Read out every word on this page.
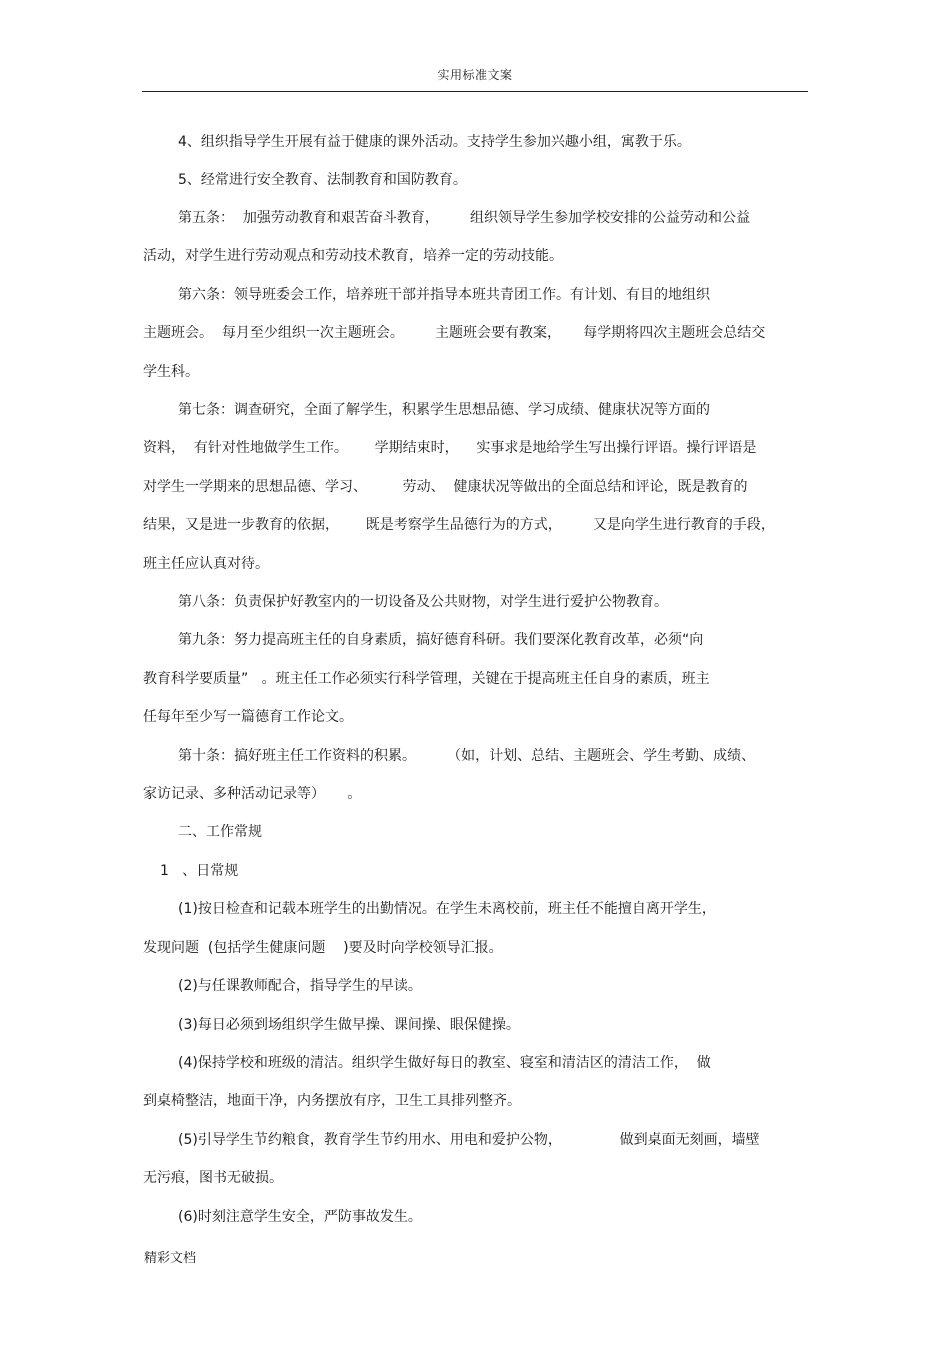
实用标准文案
4、组织指导学生开展有益于健康的课外活动。支持学生参加兴趣小组，寓教于乐。
5、经常进行安全教育、法制教育和国防教育。
第五条：  加强劳动教育和艰苦奋斗教育，       组织领导学生参加学校安排的公益劳动和公益
活动，对学生进行劳动观点和劳动技术教育，培养一定的劳动技能。
第六条：领导班委会工作，培养班干部并指导本班共青团工作。有计划、有目的地组织
主题班会。  每月至少组织一次主题班会。       主题班会要有教案，     每学期将四次主题班会总结交
学生科。
第七条：调查研究，全面了解学生，积累学生思想品德、学习成绩、健康状况等方面的
资料，  有针对性地做学生工作。      学期结束时，    实事求是地给学生写出操行评语。操行评语是
对学生一学期来的思想品德、学习、        劳动、  健康状况等做出的全面总结和评论，既是教育的
结果，又是进一步教育的依据，      既是考察学生品德行为的方式，       又是向学生进行教育的手段，
班主任应认真对待。
第八条：负责保护好教室内的一切设备及公共财物，对学生进行爱护公物教育。
第九条：努力提高班主任的自身素质，搞好德育科研。我们要深化教育改革，必须“向
教育科学要质量”   。班主任工作必须实行科学管理，关键在于提高班主任自身的素质，班主
任每年至少写一篇德育工作论文。
第十条：搞好班主任工作资料的积累。       （如，计划、总结、主题班会、学生考勤、成绩、
家访记录、多种活动记录等）     。
二、工作常规
1   、日常规
(1)按日检查和记载本班学生的出勤情况。在学生未离校前，班主任不能擅自离开学生，
发现问题  (包括学生健康问题    )要及时向学校领导汇报。
(2)与任课教师配合，指导学生的早读。
(3)每日必须到场组织学生做早操、课间操、眼保健操。
(4)保持学校和班级的清洁。组织学生做好每日的教室、寝室和清洁区的清洁工作，  做
到桌椅整洁，地面干净，内务摆放有序，卫生工具排列整齐。
(5)引导学生节约粮食，教育学生节约用水、用电和爱护公物，             做到桌面无刻画，墙壁
无污痕，图书无破损。
(6)时刻注意学生安全，严防事故发生。
精彩文档
